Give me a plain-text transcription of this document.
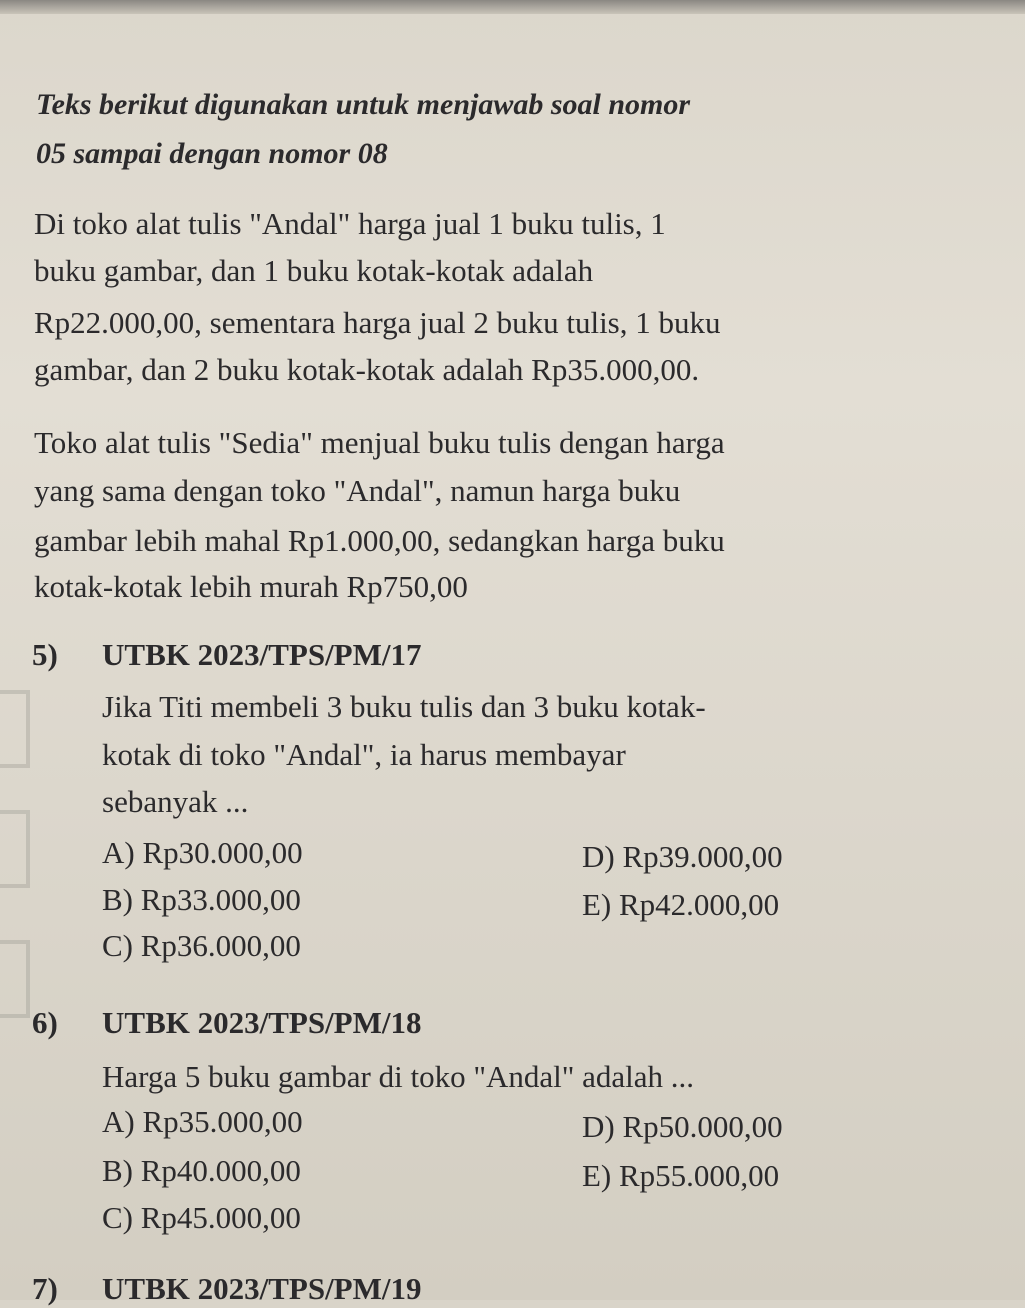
Teks berikut digunakan untuk menjawab soal nomor
05 sampai dengan nomor 08
Di toko alat tulis "Andal" harga jual 1 buku tulis, 1
buku gambar, dan 1 buku kotak-kotak adalah
Rp22.000,00, sementara harga jual 2 buku tulis, 1 buku
gambar, dan 2 buku kotak-kotak adalah Rp35.000,00.
Toko alat tulis "Sedia" menjual buku tulis dengan harga
yang sama dengan toko "Andal", namun harga buku
gambar lebih mahal Rp1.000,00, sedangkan harga buku
kotak-kotak lebih murah Rp750,00
5) UTBK 2023/TPS/PM/17
Jika Titi membeli 3 buku tulis dan 3 buku kotak-
kotak di toko "Andal", ia harus membayar
sebanyak ...
A) Rp30.000,00
B) Rp33.000,00
C) Rp36.000,00
D) Rp39.000,00
E) Rp42.000,00
6) UTBK 2023/TPS/PM/18
Harga 5 buku gambar di toko "Andal" adalah ...
A) Rp35.000,00
B) Rp40.000,00
C) Rp45.000,00
D) Rp50.000,00
E) Rp55.000,00
7) UTBK 2023/TPS/PM/19
